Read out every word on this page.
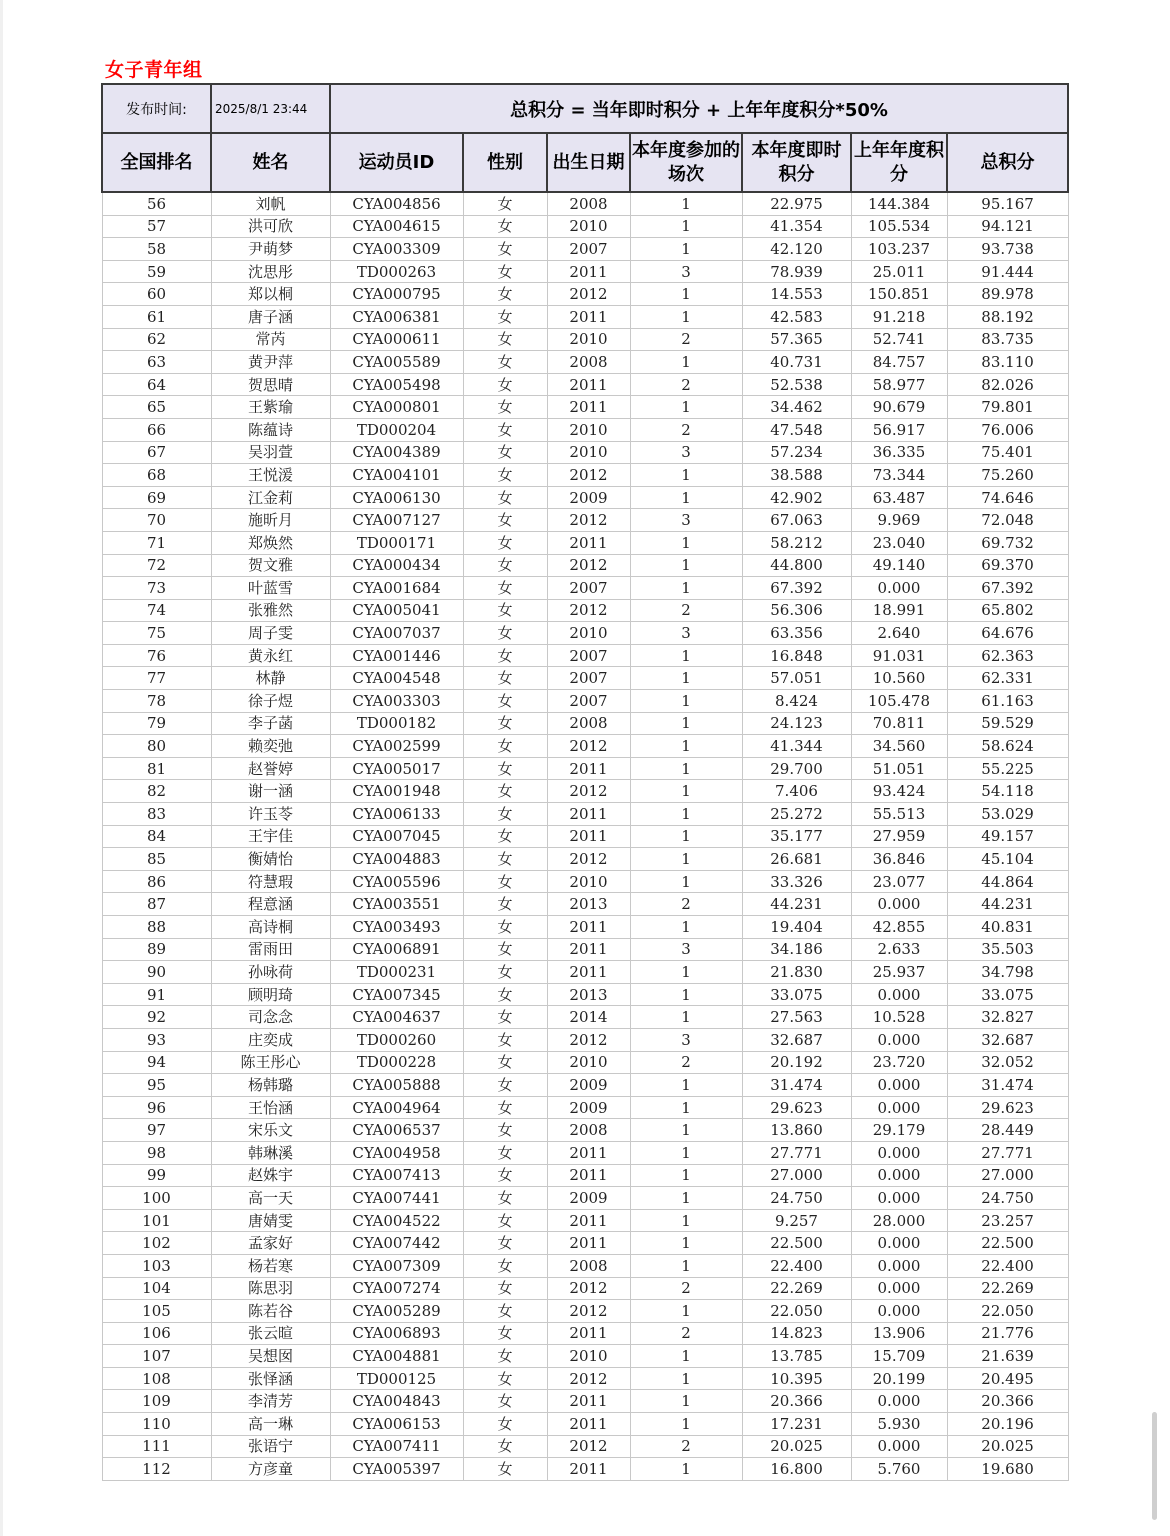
女子青年组
发布时间:	2025/8/1 23:44	总积分 = 当年即时积分 + 上年年度积分*50%						
全国排名	姓名	运动员ID	性别	出生日期	本年度参加的场次	本年度即时积分	上年年度积分	总积分
56	刘帆	CYA004856	女	2008	1	22.975	144.384	95.167
57	洪可欣	CYA004615	女	2010	1	41.354	105.534	94.121
58	尹萌梦	CYA003309	女	2007	1	42.120	103.237	93.738
59	沈思彤	TD000263	女	2011	3	78.939	25.011	91.444
60	郑以桐	CYA000795	女	2012	1	14.553	150.851	89.978
61	唐子涵	CYA006381	女	2011	1	42.583	91.218	88.192
62	常芮	CYA000611	女	2010	2	57.365	52.741	83.735
63	黄尹萍	CYA005589	女	2008	1	40.731	84.757	83.110
64	贺思晴	CYA005498	女	2011	2	52.538	58.977	82.026
65	王紫瑜	CYA000801	女	2011	1	34.462	90.679	79.801
66	陈蕴诗	TD000204	女	2010	2	47.548	56.917	76.006
67	吴羽萱	CYA004389	女	2010	3	57.234	36.335	75.401
68	王悦湲	CYA004101	女	2012	1	38.588	73.344	75.260
69	江金莉	CYA006130	女	2009	1	42.902	63.487	74.646
70	施昕月	CYA007127	女	2012	3	67.063	9.969	72.048
71	郑焕然	TD000171	女	2011	1	58.212	23.040	69.732
72	贺文雅	CYA000434	女	2012	1	44.800	49.140	69.370
73	叶蓝雪	CYA001684	女	2007	1	67.392	0.000	67.392
74	张雅然	CYA005041	女	2012	2	56.306	18.991	65.802
75	周子雯	CYA007037	女	2010	3	63.356	2.640	64.676
76	黄永红	CYA001446	女	2007	1	16.848	91.031	62.363
77	林静	CYA004548	女	2007	1	57.051	10.560	62.331
78	徐子煜	CYA003303	女	2007	1	8.424	105.478	61.163
79	李子菡	TD000182	女	2008	1	24.123	70.811	59.529
80	赖奕弛	CYA002599	女	2012	1	41.344	34.560	58.624
81	赵誉婷	CYA005017	女	2011	1	29.700	51.051	55.225
82	谢一涵	CYA001948	女	2012	1	7.406	93.424	54.118
83	许玉苓	CYA006133	女	2011	1	25.272	55.513	53.029
84	王宇佳	CYA007045	女	2011	1	35.177	27.959	49.157
85	衡婧怡	CYA004883	女	2012	1	26.681	36.846	45.104
86	符慧瑕	CYA005596	女	2010	1	33.326	23.077	44.864
87	程意涵	CYA003551	女	2013	2	44.231	0.000	44.231
88	高诗桐	CYA003493	女	2011	1	19.404	42.855	40.831
89	雷雨田	CYA006891	女	2011	3	34.186	2.633	35.503
90	孙咏荷	TD000231	女	2011	1	21.830	25.937	34.798
91	顾明琦	CYA007345	女	2013	1	33.075	0.000	33.075
92	司念念	CYA004637	女	2014	1	27.563	10.528	32.827
93	庄奕成	TD000260	女	2012	3	32.687	0.000	32.687
94	陈王彤心	TD000228	女	2010	2	20.192	23.720	32.052
95	杨韩璐	CYA005888	女	2009	1	31.474	0.000	31.474
96	王怡涵	CYA004964	女	2009	1	29.623	0.000	29.623
97	宋乐文	CYA006537	女	2008	1	13.860	29.179	28.449
98	韩琳溪	CYA004958	女	2011	1	27.771	0.000	27.771
99	赵姝宇	CYA007413	女	2011	1	27.000	0.000	27.000
100	高一天	CYA007441	女	2009	1	24.750	0.000	24.750
101	唐婧雯	CYA004522	女	2011	1	9.257	28.000	23.257
102	孟家好	CYA007442	女	2011	1	22.500	0.000	22.500
103	杨若寒	CYA007309	女	2008	1	22.400	0.000	22.400
104	陈思羽	CYA007274	女	2012	2	22.269	0.000	22.269
105	陈若谷	CYA005289	女	2012	1	22.050	0.000	22.050
106	张云暄	CYA006893	女	2011	2	14.823	13.906	21.776
107	吴想囡	CYA004881	女	2010	1	13.785	15.709	21.639
108	张怿涵	TD000125	女	2012	1	10.395	20.199	20.495
109	李清芳	CYA004843	女	2011	1	20.366	0.000	20.366
110	高一琳	CYA006153	女	2011	1	17.231	5.930	20.196
111	张语宁	CYA007411	女	2012	2	20.025	0.000	20.025
112	方彦童	CYA005397	女	2011	1	16.800	5.760	19.680
